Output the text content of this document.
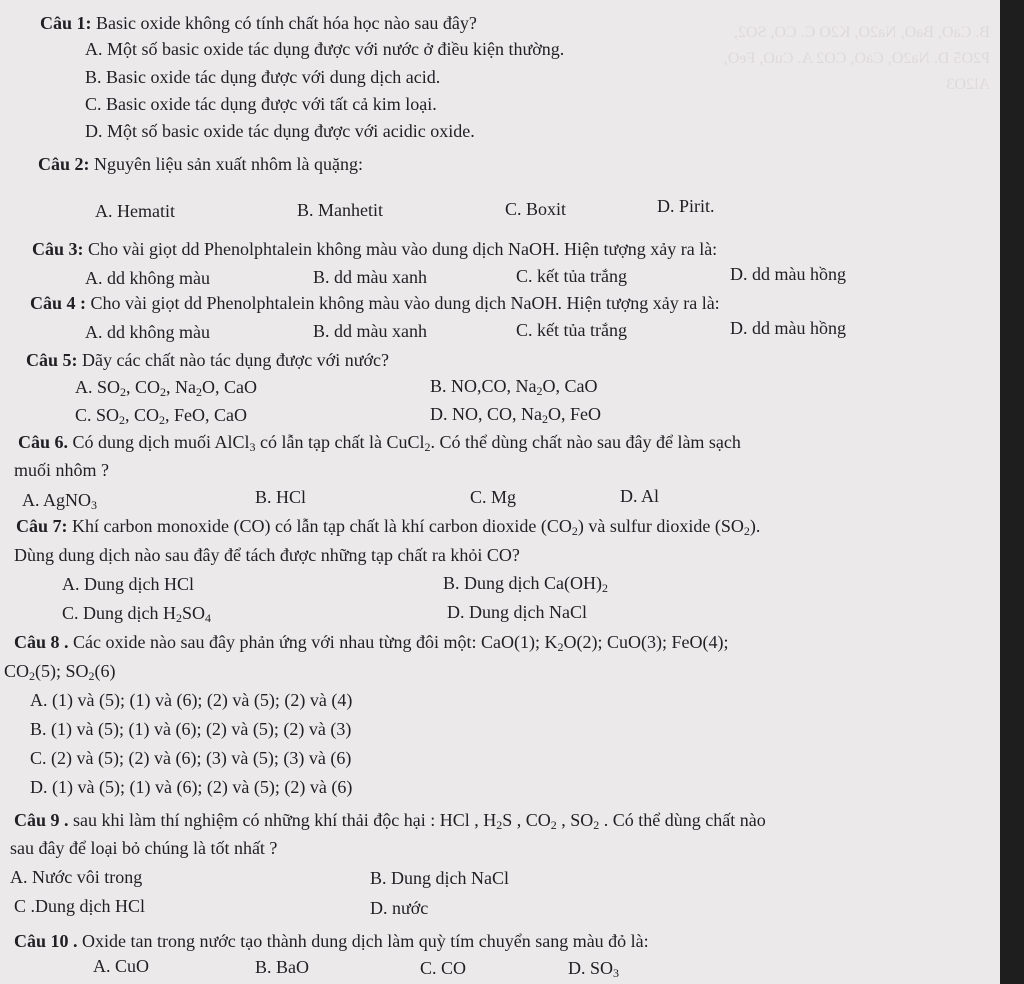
B. CaO, BaO, Na2O, K2O C. CO, SO2, P2O5 D. Na2O, CaO, CO2 A. CuO, FeO, Al2O3
Câu 1: Basic oxide không có tính chất hóa học nào sau đây?
A. Một số basic oxide tác dụng được với nước ở điều kiện thường.
B. Basic oxide tác dụng được với dung dịch acid.
C. Basic oxide tác dụng được với tất cả kim loại.
D. Một số basic oxide tác dụng được với acidic oxide.
Câu 2: Nguyên liệu sản xuất nhôm là quặng:
A. Hematit	B. Manhetit	C. Boxit	D. Pirit.
Câu 3: Cho vài giọt dd Phenolphtalein không màu vào dung dịch NaOH. Hiện tượng xảy ra là:
A. dd không màu	B. dd màu xanh	C. kết tủa trắng	D. dd màu hồng
Câu 4 : Cho vài giọt dd Phenolphtalein không màu vào dung dịch NaOH. Hiện tượng xảy ra là:
A. dd không màu	B. dd màu xanh	C. kết tủa trắng	D. dd màu hồng
Câu 5: Dãy các chất nào tác dụng được với nước?
A. $SO_2$, $CO_2$, $Na_2O$, CaO	B. NO,CO, $Na_2O$, CaO
C. $SO_2$, $CO_2$, FeO, CaO	D. NO, CO, $Na_2O$, FeO
Câu 6. Có dung dịch muối AlCl$_3$ có lẫn tạp chất là CuCl$_2$. Có thể dùng chất nào sau đây để làm sạch
muối nhôm ?
A. AgNO$_3$	B. HCl	C. Mg	D. Al
Câu 7: Khí carbon monoxide (CO) có lẫn tạp chất là khí carbon dioxide $(CO_2)$ và sulfur dioxide $(SO_2)$.
Dùng dung dịch nào sau đây để tách được những tạp chất ra khỏi CO?
A. Dung dịch HCl	B. Dung dịch $Ca(OH)_2$
C. Dung dịch $H_2SO_4$	D. Dung dịch NaCl
Câu 8 . Các oxide nào sau đây phản ứng với nhau từng đôi một: CaO(1); $K_2O(2)$; CuO(3); FeO(4);
$CO_2(5)$; $SO_2(6)$
A. (1) và (5); (1) và (6); (2) và (5); (2) và (4)
B. (1) và (5); (1) và (6); (2) và (5); (2) và (3)
C. (2) và (5); (2) và (6); (3) và (5); (3) và (6)
D. (1) và (5); (1) và (6); (2) và (5); (2) và (6)
Câu 9 . sau khi làm thí nghiệm có những khí thải độc hại : HCl , $H_2S$ , $CO_2$ , $SO_2$ . Có thể dùng chất nào
sau đây để loại bỏ chúng là tốt nhất ?
A. Nước vôi trong	B. Dung dịch NaCl
C .Dung dịch HCl	D. nước
Câu 10 . Oxide tan trong nước tạo thành dung dịch làm quỳ tím chuyển sang màu đỏ là:
A. CuO	B. BaO	C. CO	D. $SO_3$
